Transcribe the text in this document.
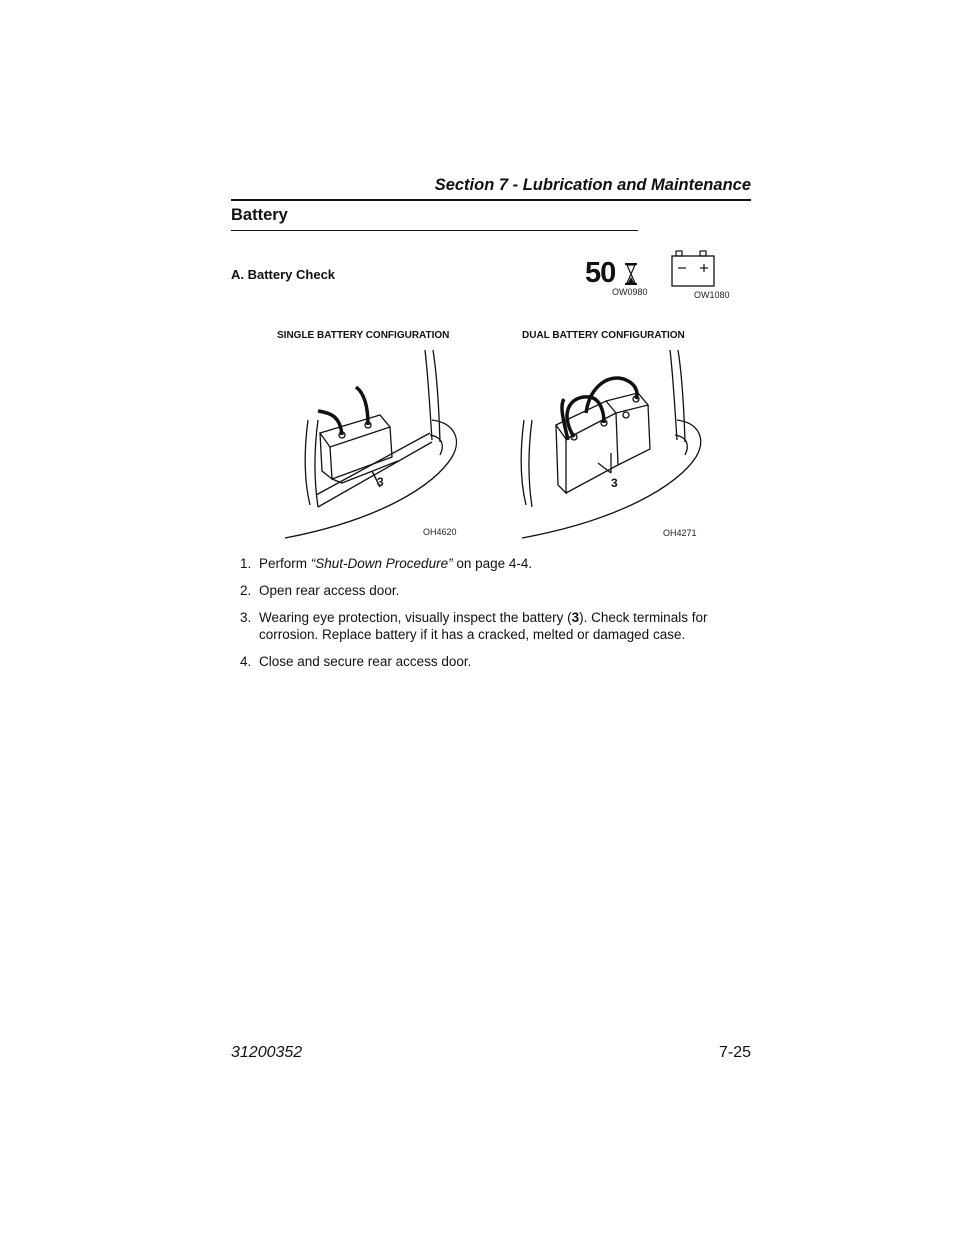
Section 7 - Lubrication and Maintenance
Battery
A. Battery Check	50
OW0980	OW1080
SINGLE BATTERY CONFIGURATION	DUAL BATTERY CONFIGURATION
3
OH4620
3
OH4271
1. Perform “Shut-Down Procedure” on page 4-4.
2. Open rear access door.
3. Wearing eye protection, visually inspect the battery (3). Check terminals for corrosion. Replace battery if it has a cracked, melted or damaged case.
4. Close and secure rear access door.
31200352	7-25
